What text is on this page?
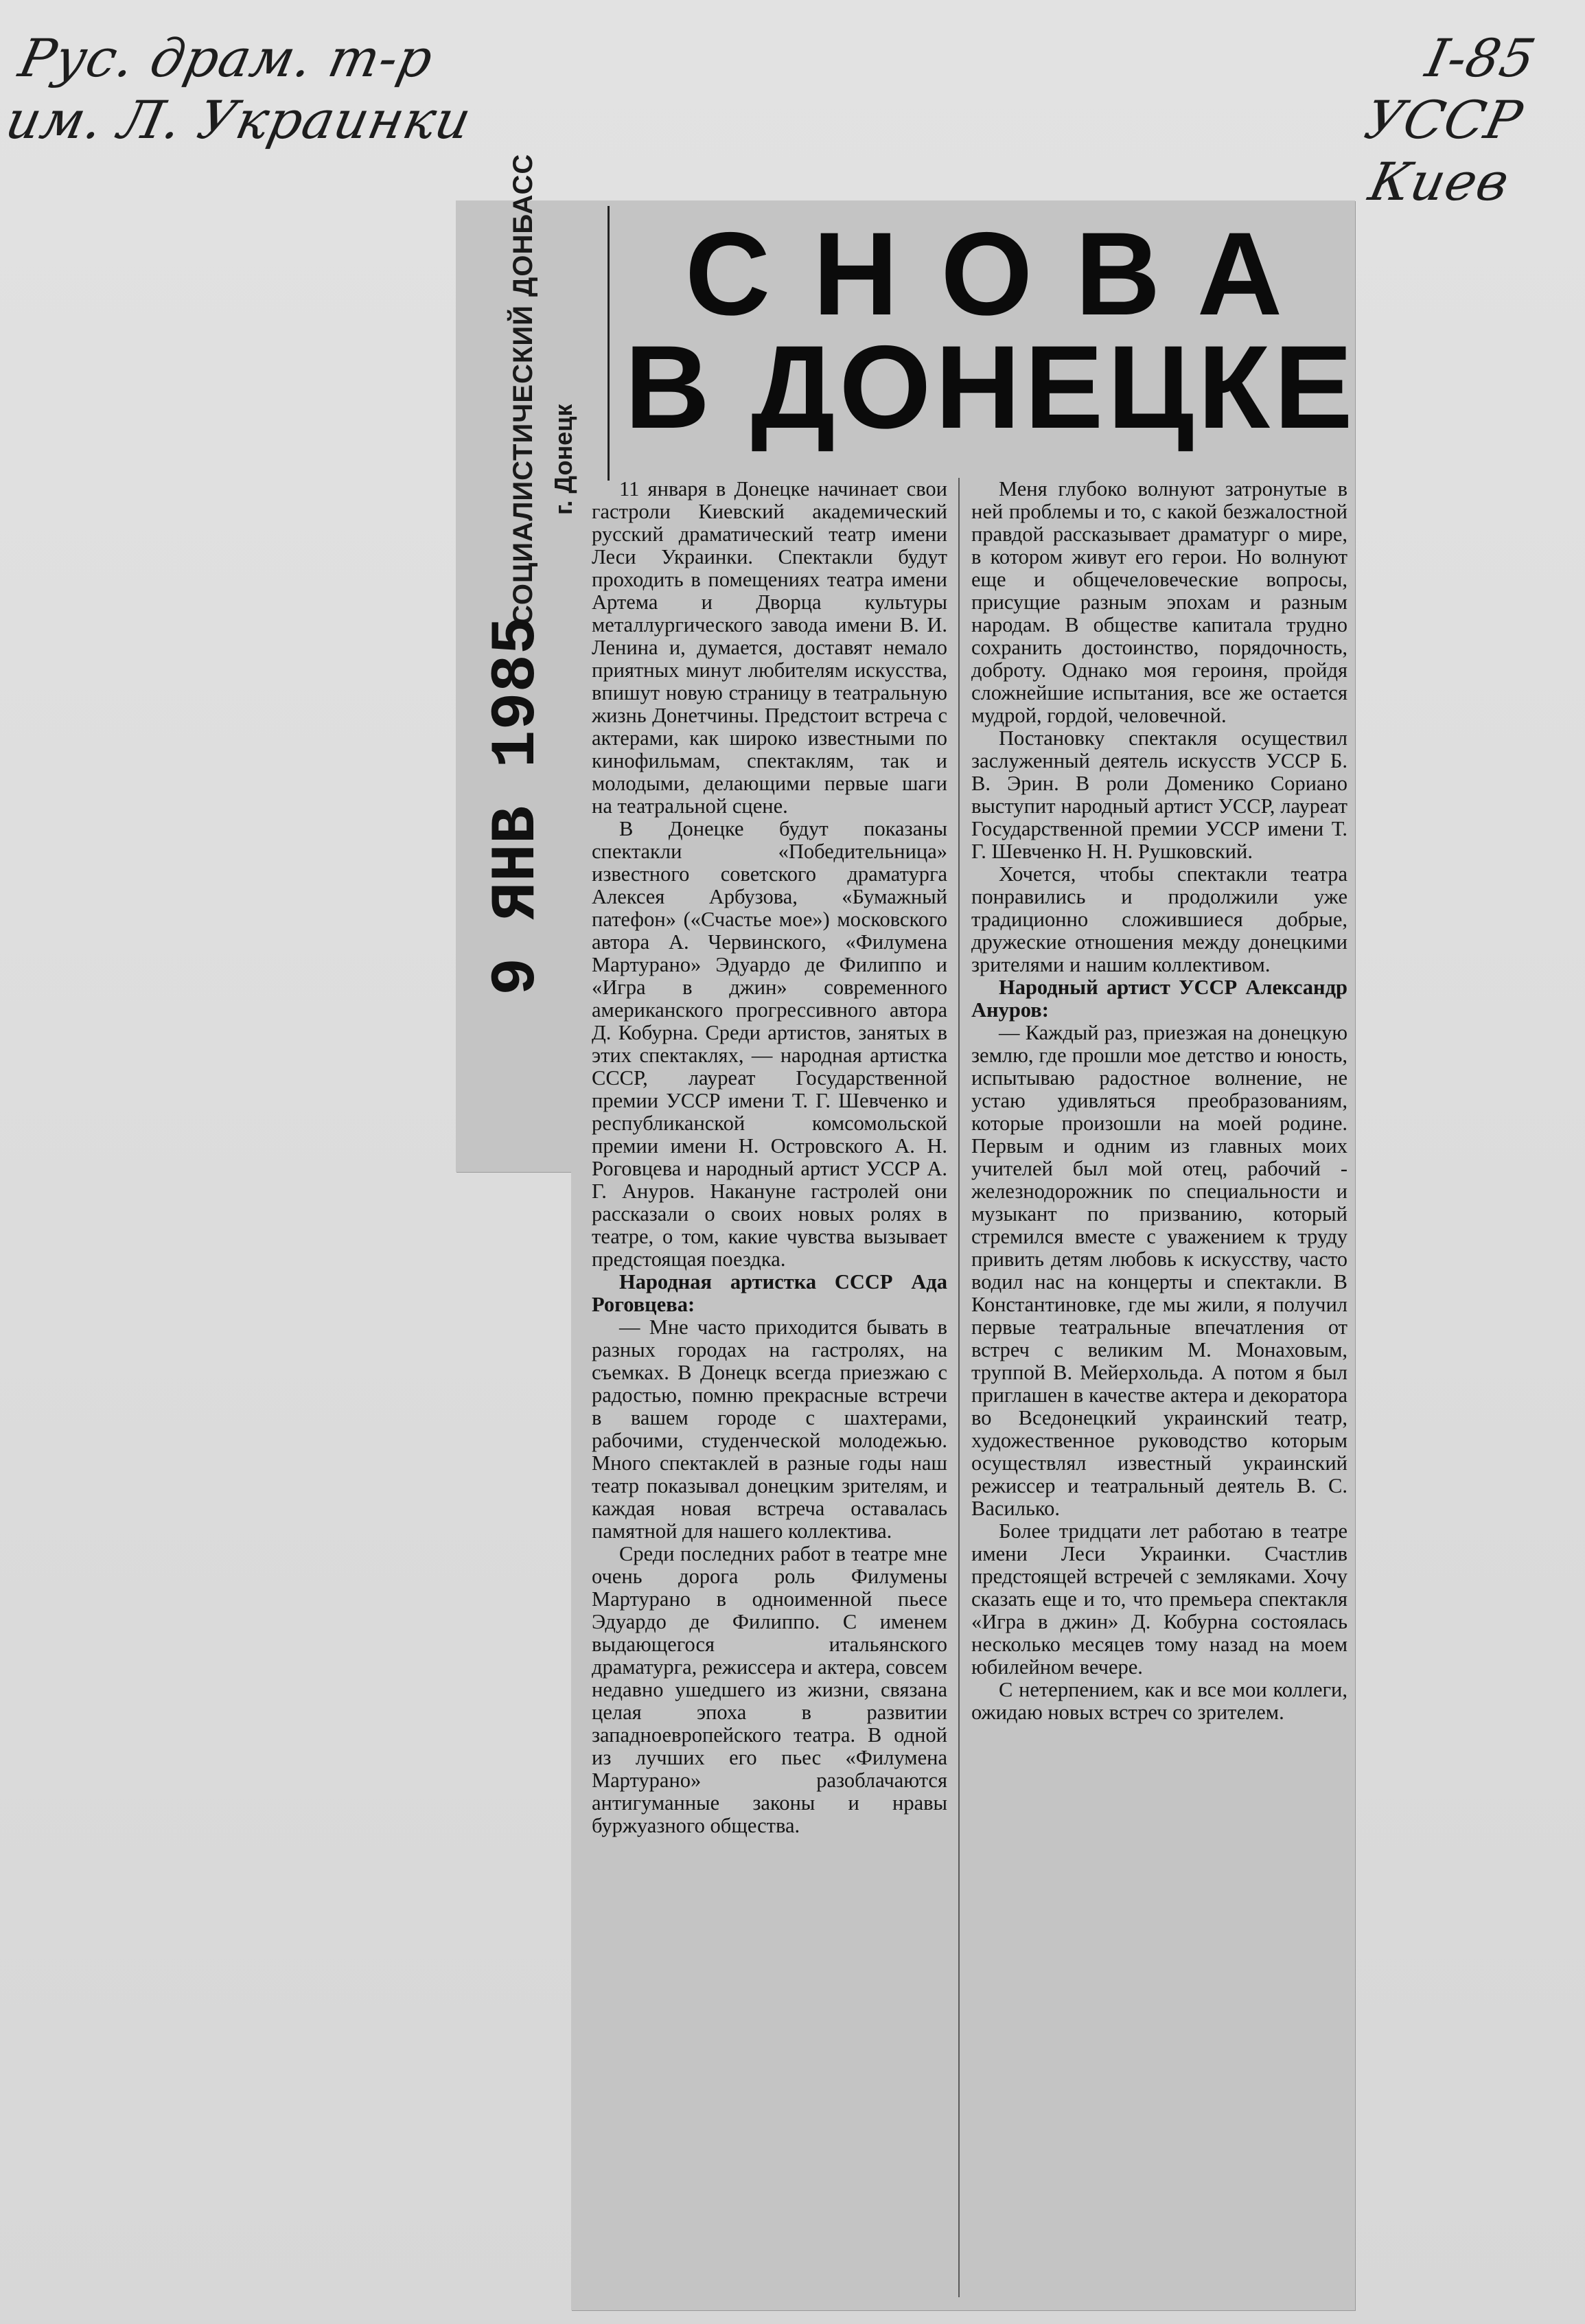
Рус. драм. т-р
им. Л. Украинки
I-85
УССР
Киев
СОЦИАЛИСТИЧЕСКИЙ ДОНБАСС г. Донецк
9 ЯНВ 1985
СНОВА
В ДОНЕЦКЕ

11 января в Донецке начинает свои гастроли Киевский академический русский драматический театр имени Леси Украинки. Спектакли будут проходить в помещениях театра имени Артема и Дворца культуры металлургического завода имени В. И. Ленина и, думается, доставят немало приятных минут любителям искусства, впишут новую страницу в театральную жизнь Донетчины. Предстоит встреча с актерами, как широко известными по кинофильмам, спектаклям, так и молодыми, делающими первые шаги на театральной сцене.

В Донецке будут показаны спектакли «Победительница» известного советского драматурга Алексея Арбузова, «Бумажный патефон» («Счастье мое») московского автора А. Червинского, «Филумена Мартурано» Эдуардо де Филиппо и «Игра в джин» современного американского прогрессивного автора Д. Кобурна. Среди артистов, занятых в этих спектаклях, — народная артистка СССР, лауреат Государственной премии УССР имени Т. Г. Шевченко и республиканской комсомольской премии имени Н. Островского А. Н. Роговцева и народный артист УССР А. Г. Ануров. Накануне гастролей они рассказали о своих новых ролях в театре, о том, какие чувства вызывает предстоящая поездка.

Народная артистка СССР Ада Роговцева:

— Мне часто приходится бывать в разных городах на гастролях, на съемках. В Донецк всегда приезжаю с радостью, помню прекрасные встречи в вашем городе с шахтерами, рабочими, студенческой молодежью. Много спектаклей в разные годы наш театр показывал донецким зрителям, и каждая новая встреча оставалась памятной для нашего коллектива.

Среди последних работ в театре мне очень дорога роль Филумены Мартурано в одноименной пьесе Эдуардо де Филиппо. С именем выдающегося итальянского драматурга, режиссера и актера, совсем недавно ушедшего из жизни, связана целая эпоха в развитии западноевропейского театра. В одной из лучших его пьес «Филумена Мартурано» разоблачаются антигуманные законы и нравы буржуазного общества.

Меня глубоко волнуют затронутые в ней проблемы и то, с какой безжалостной правдой рассказывает драматург о мире, в котором живут его герои. Но волнуют еще и общечеловеческие вопросы, присущие разным эпохам и разным народам. В обществе капитала трудно сохранить достоинство, порядочность, доброту. Однако моя героиня, пройдя сложнейшие испытания, все же остается мудрой, гордой, человечной.

Постановку спектакля осуществил заслуженный деятель искусств УССР Б. В. Эрин. В роли Доменико Сориано выступит народный артист УССР, лауреат Государственной премии УССР имени Т. Г. Шевченко Н. Н. Рушковский.

Хочется, чтобы спектакли театра понравились и продолжили уже традиционно сложившиеся добрые, дружеские отношения между донецкими зрителями и нашим коллективом.

Народный артист УССР Александр Ануров:

— Каждый раз, приезжая на донецкую землю, где прошли мое детство и юность, испытываю радостное волнение, не устаю удивляться преобразованиям, которые произошли на моей родине. Первым и одним из главных моих учителей был мой отец, рабочий - железнодорожник по специальности и музыкант по призванию, который стремился вместе с уважением к труду привить детям любовь к искусству, часто водил нас на концерты и спектакли. В Константиновке, где мы жили, я получил первые театральные впечатления от встреч с великим М. Монаховым, труппой В. Мейерхольда. А потом я был приглашен в качестве актера и декоратора во Вседонецкий украинский театр, художественное руководство которым осуществлял известный украинский режиссер и театральный деятель В. С. Василько.

Более тридцати лет работаю в театре имени Леси Украинки. Счастлив предстоящей встречей с земляками. Хочу сказать еще и то, что премьера спектакля «Игра в джин» Д. Кобурна состоялась несколько месяцев тому назад на моем юбилейном вечере.

С нетерпением, как и все мои коллеги, ожидаю новых встреч со зрителем.
